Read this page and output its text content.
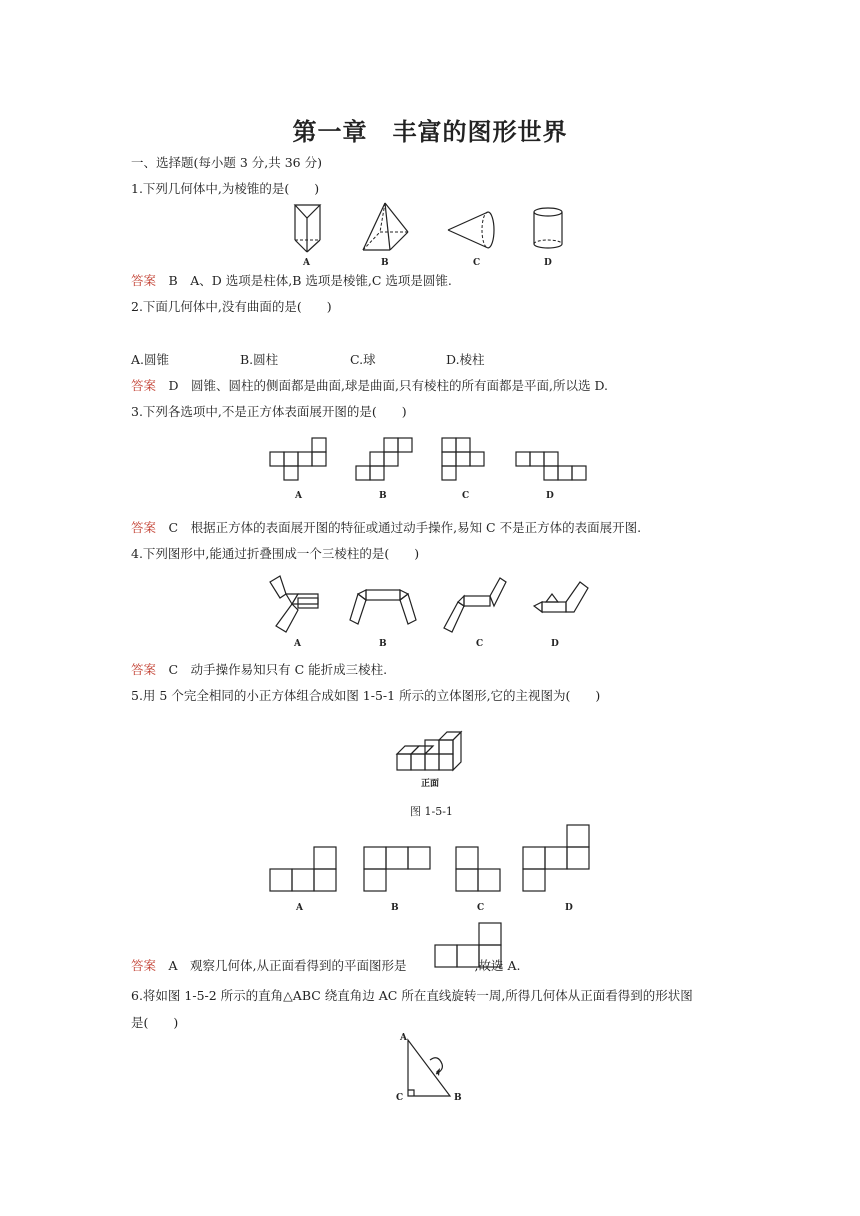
第一章　丰富的图形世界
一、选择题(每小题 3 分,共 36 分)
1.下列几何体中,为棱锥的是(　　)
A	B	C	D
答案　 B　A、D 选项是柱体,B 选项是棱锥,C 选项是圆锥.
2.下面几何体中,没有曲面的是(　　)
A.圆锥	B.圆柱	C.球	D.棱柱
答案　 D　圆锥、圆柱的侧面都是曲面,球是曲面,只有棱柱的所有面都是平面,所以选 D.
3.下列各选项中,不是正方体表面展开图的是(　　)
A	B	C	D
答案　 C　根据正方体的表面展开图的特征或通过动手操作,易知 C 不是正方体的表面展开图.
4.下列图形中,能通过折叠围成一个三棱柱的是(　　)
A	B	C	D
答案　 C　动手操作易知只有 C 能折成三棱柱.
5.用 5 个完全相同的小正方体组合成如图 1-5-1 所示的立体图形,它的主视图为(　　)
正面
图 1-5-1
A	B	C	D
答案　 A　观察几何体,从正面看得到的平面图形是	,故选 A.
6.将如图 1-5-2 所示的直角△ABC 绕直角边 AC 所在直线旋转一周,所得几何体从正面看得到的形状图
是(　　)
A
C	B
